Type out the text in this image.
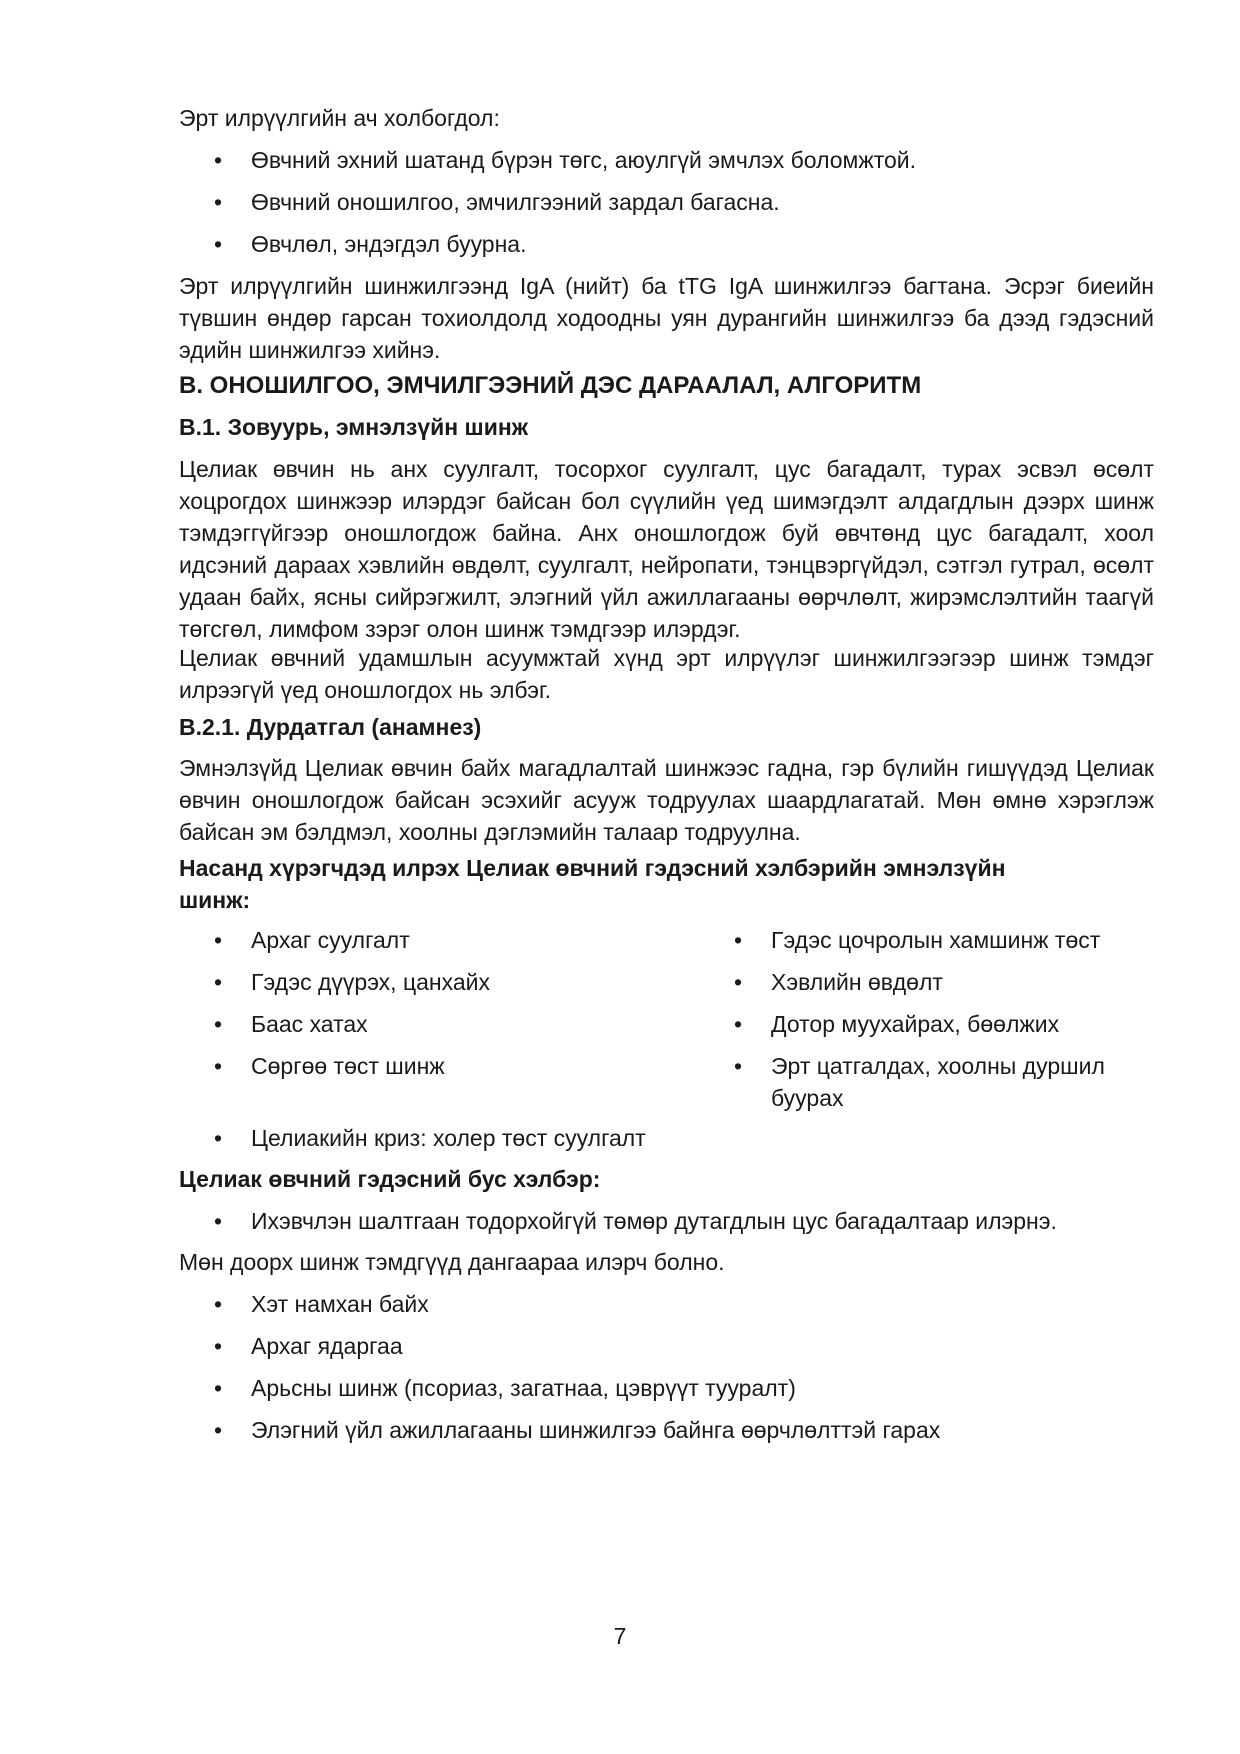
Эрт илрүүлгийн ач холбогдол:

• Өвчний эхний шатанд бүрэн төгс, аюулгүй эмчлэх боломжтой.
• Өвчний оношилгоо, эмчилгээний зардал багасна.
• Өвчлөл, эндэгдэл буурна.

Эрт илрүүлгийн шинжилгээнд IgA (нийт) ба tTG IgA шинжилгээ багтана. Эсрэг биеийн түвшин өндөр гарсан тохиолдолд ходоодны уян дурангийн шинжилгээ ба дээд гэдэсний эдийн шинжилгээ хийнэ.

В. ОНОШИЛГОО, ЭМЧИЛГЭЭНИЙ ДЭС ДАРААЛАЛ, АЛГОРИТМ

В.1. Зовуурь, эмнэлзүйн шинж

Целиак өвчин нь анх суулгалт, тосорхог суулгалт, цус багадалт, турах эсвэл өсөлт хоцрогдох шинжээр илэрдэг байсан бол сүүлийн үед шимэгдэлт алдагдлын дээрх шинж тэмдэггүйгээр оношлогдож байна. Анх оношлогдож буй өвчтөнд цус багадалт, хоол идсэний дараах хэвлийн өвдөлт, суулгалт, нейропати, тэнцвэргүйдэл, сэтгэл гутрал, өсөлт удаан байх, ясны сийрэгжилт, элэгний үйл ажиллагааны өөрчлөлт, жирэмслэлтийн таагүй төгсгөл, лимфом зэрэг олон шинж тэмдгээр илэрдэг.

Целиак өвчний удамшлын асуумжтай хүнд эрт илрүүлэг шинжилгээгээр шинж тэмдэг илрээгүй үед оношлогдох нь элбэг.

В.2.1. Дурдатгал (анамнез)

Эмнэлзүйд Целиак өвчин байх магадлалтай шинжээс гадна, гэр бүлийн гишүүдэд Целиак өвчин оношлогдож байсан эсэхийг асууж тодруулах шаардлагатай. Мөн өмнө хэрэглэж байсан эм бэлдмэл, хоолны дэглэмийн талаар тодруулна.

Насанд хүрэгчдэд илрэх Целиак өвчний гэдэсний хэлбэрийн эмнэлзүйн шинж:

• Архаг суулгалт
• Гэдэс дүүрэх, цанхайх
• Баас хатах
• Сөргөө төст шинж
• Гэдэс цочролын хамшинж төст
• Хэвлийн өвдөлт
• Дотор муухайрах, бөөлжих
• Эрт цатгалдах, хоолны дуршил буурах
• Целиакийн криз: холер төст суулгалт

Целиак өвчний гэдэсний бус хэлбэр:

• Ихэвчлэн шалтгаан тодорхойгүй төмөр дутагдлын цус багадалтаар илэрнэ.

Мөн доорх шинж тэмдгүүд дангаараа илэрч болно.

• Хэт намхан байх
• Архаг ядаргаа
• Арьсны шинж (псориаз, загатнаа, цэврүүт тууралт)
• Элэгний үйл ажиллагааны шинжилгээ байнга өөрчлөлттэй гарах
7
